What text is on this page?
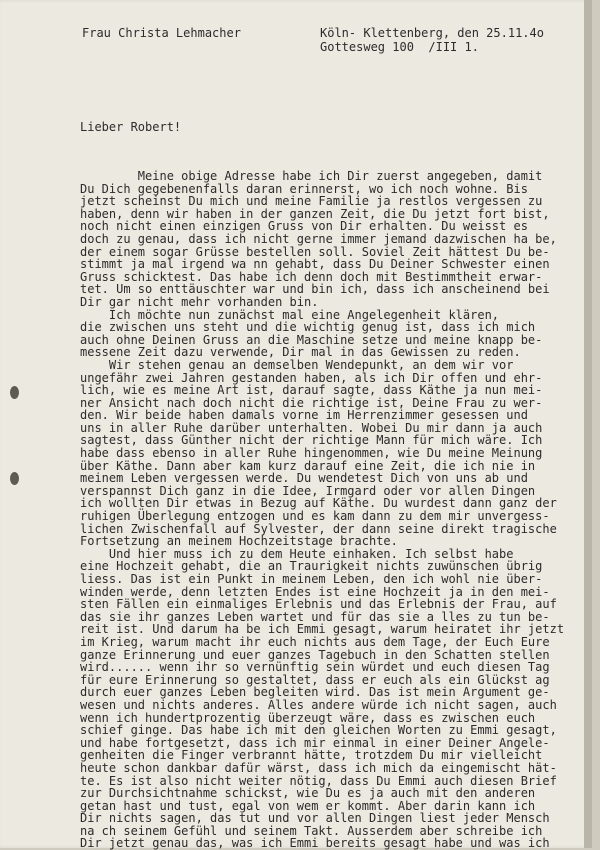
Frau Christa Lehmacher	Köln- Klettenberg, den 25.11.4o
Gottesweg 100  /III 1.
Lieber Robert!
Meine obige Adresse habe ich Dir zuerst angegeben, damit
Du Dich gegebenenfalls daran erinnerst, wo ich noch wohne. Bis
jetzt scheinst Du mich und meine Familie ja restlos vergessen zu
haben, denn wir haben in der ganzen Zeit, die Du jetzt fort bist,
noch nicht einen einzigen Gruss von Dir erhalten. Du weisst es
doch zu genau, dass ich nicht gerne immer jemand dazwischen ha be,
der einem sogar Grüsse bestellen soll. Soviel Zeit hättest Du be-
stimmt ja mal irgend wa nn gehabt, dass Du Deiner Schwester einen
Gruss schicktest. Das habe ich denn doch mit Bestimmtheit erwar-
tet. Um so enttäuschter war und bin ich, dass ich anscheinend bei
Dir gar nicht mehr vorhanden bin.
Ich möchte nun zunächst mal eine Angelegenheit klären,
die zwischen uns steht und die wichtig genug ist, dass ich mich
auch ohne Deinen Gruss an die Maschine setze und meine knapp be-
messene Zeit dazu verwende, Dir mal in das Gewissen zu reden.
Wir stehen genau an demselben Wendepunkt, an dem wir vor
ungefähr zwei Jahren gestanden haben, als ich Dir offen und ehr-
lich, wie es meine Art ist, darauf sagte, dass Käthe ja nun mei-
ner Ansicht nach doch nicht die richtige ist, Deine Frau zu wer-
den. Wir beide haben damals vorne im Herrenzimmer gesessen und
uns in aller Ruhe darüber unterhalten. Wobei Du mir dann ja auch
sagtest, dass Günther nicht der richtige Mann für mich wäre. Ich
habe dass ebenso in aller Ruhe hingenommen, wie Du meine Meinung
über Käthe. Dann aber kam kurz darauf eine Zeit, die ich nie in
meinem Leben vergessen werde. Du wendetest Dich von uns ab und
verspannst Dich ganz in die Idee, Irmgard oder vor allen Dingen
ich wollten Dir etwas in Bezug auf Käthe. Du wurdest dann ganz der
ruhigen Überlegung entzogen und es kam dann zu dem mir unvergess-
lichen Zwischenfall auf Sylvester, der dann seine direkt tragische
Fortsetzung an meinem Hochzeitstage brachte.
Und hier muss ich zu dem Heute einhaken. Ich selbst habe
eine Hochzeit gehabt, die an Traurigkeit nichts zuwünschen übrig
liess. Das ist ein Punkt in meinem Leben, den ich wohl nie über-
winden werde, denn letzten Endes ist eine Hochzeit ja in den mei-
sten Fällen ein einmaliges Erlebnis und das Erlebnis der Frau, auf
das sie ihr ganzes Leben wartet und für das sie a lles zu tun be-
reit ist. Und darum ha be ich Emmi gesagt, warum heiratet ihr jetzt
im Krieg, warum macht ihr euch nichts aus dem Tage, der Euch Eure
ganze Erinnerung und euer ganzes Tagebuch in den Schatten stellen
wird...... wenn ihr so vernünftig sein würdet und euch diesen Tag
für eure Erinnerung so gestaltet, dass er euch als ein Glückst ag
durch euer ganzes Leben begleiten wird. Das ist mein Argument ge-
wesen und nichts anderes. Alles andere würde ich nicht sagen, auch
wenn ich hundertprozentig überzeugt wäre, dass es zwischen euch
schief ginge. Das habe ich mit den gleichen Worten zu Emmi gesagt,
und habe fortgesetzt, dass ich mir einmal in einer Deiner Angele-
genheiten die Finger verbrannt hätte, trotzdem Du mir vielleicht
heute schon dankbar dafür wärst, dass ich mich da eingemischt hät-
te. Es ist also nicht weiter nötig, dass Du Emmi auch diesen Brief
zur Durchsichtnahme schickst, wie Du es ja auch mit den anderen
getan hast und tust, egal von wem er kommt. Aber darin kann ich
Dir nichts sagen, das tut und vor allen Dingen liest jeder Mensch
na ch seinem Gefühl und seinem Takt. Ausserdem aber schreibe ich
Dir jetzt genau das, was ich Emmi bereits gesagt habe und was ich
